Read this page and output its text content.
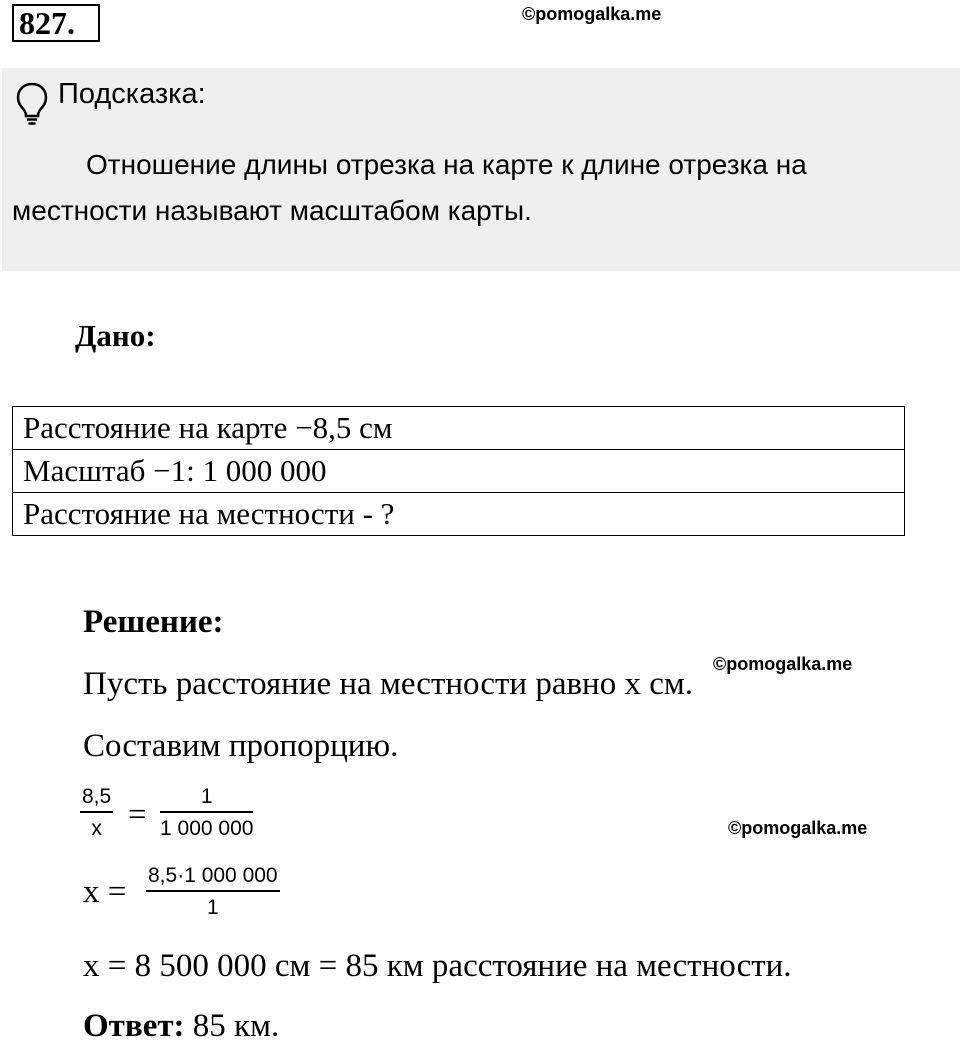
827.	©pomogalka.me
Подсказка:

Отношение длины отрезка на карте к длине отрезка на местности называют масштабом карты.

Дано:
Расстояние на карте −8,5 см
Масштаб −1: 1 000 000
Расстояние на местности - ?
Решение:
©pomogalka.me
Пусть расстояние на местности равно x см.
Составим пропорцию.
$\frac{8,5}{x} = \frac{1}{1 000 000}$	©pomogalka.me
$x = \frac{8,5\cdot 1 000 000}{1}$
x = 8 500 000 см = 85 км расстояние на местности.
Ответ: 85 км.
